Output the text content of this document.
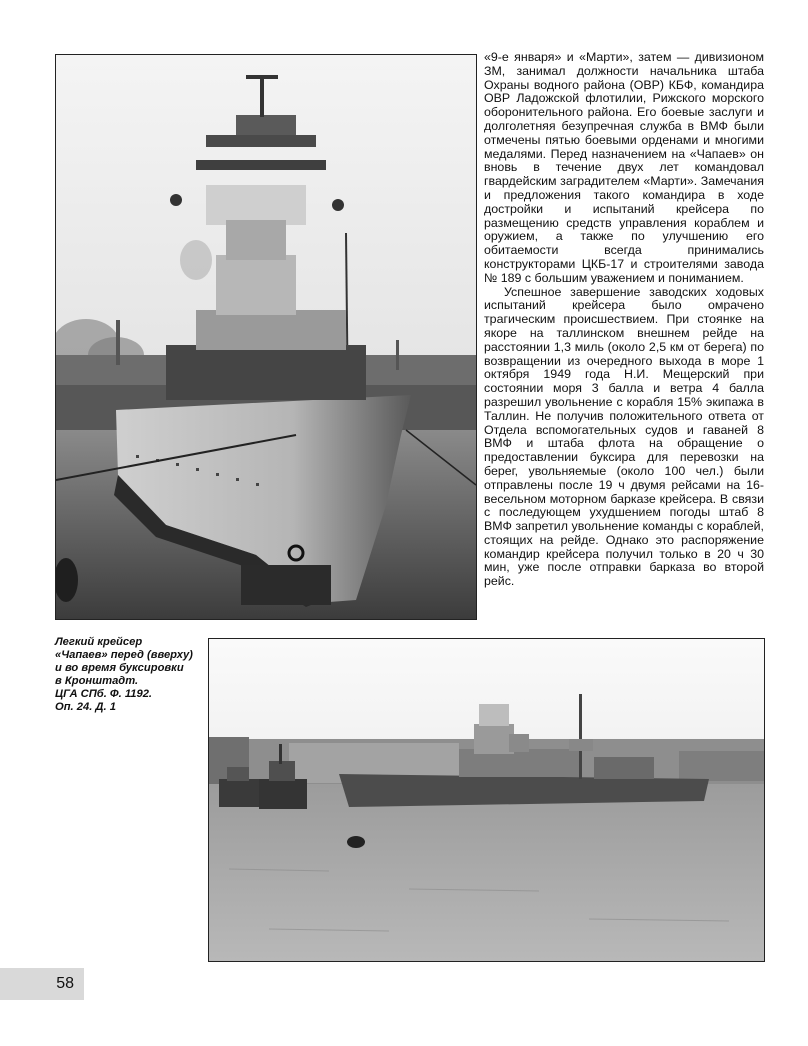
«9-е января» и «Марти», затем — дивизионом ЗМ, занимал должности начальника штаба Охраны водного района (ОВР) КБФ, командира ОВР Ладожской флотилии, Рижского морского оборонительного района. Его боевые заслуги и долголетняя безупречная служба в ВМФ были отмечены пятью боевыми орденами и многими медалями. Перед назначением на «Чапаев» он вновь в течение двух лет командовал гвардейским заградителем «Марти». Замечания и предложения такого командира в ходе достройки и испытаний крейсера по размещению средств управления кораблем и оружием, а также по улучшению его обитаемости всегда принимались конструкторами ЦКБ-17 и строителями завода № 189 с большим уважением и пониманием.

Успешное завершение заводских ходовых испытаний крейсера было омрачено трагическим происшествием. При стоянке на якоре на таллинском внешнем рейде на расстоянии 1,3 миль (около 2,5 км от берега) по возвращении из очередного выхода в море 1 октября 1949 года Н.И. Мещерский при состоянии моря 3 балла и ветра 4 балла разрешил увольнение с корабля 15% экипажа в Таллин. Не получив положительного ответа от Отдела вспомогательных судов и гаваней 8 ВМФ и штаба флота на обращение о предоставлении буксира для перевозки на берег, увольняемые (около 100 чел.) были отправлены после 19 ч двумя рейсами на 16-весельном моторном барказе крейсера. В связи с последующем ухудшением погоды штаб 8 ВМФ запретил увольнение команды с кораблей, стоящих на рейде. Однако это распоряжение командир крейсера получил только в 20 ч 30 мин, уже после отправки барказа во второй рейс.

Легкий крейсер
«Чапаев» перед (вверху)
и во время буксировки
в Кронштадт.
ЦГА СПб. Ф. 1192.
Оп. 24. Д. 1
58
